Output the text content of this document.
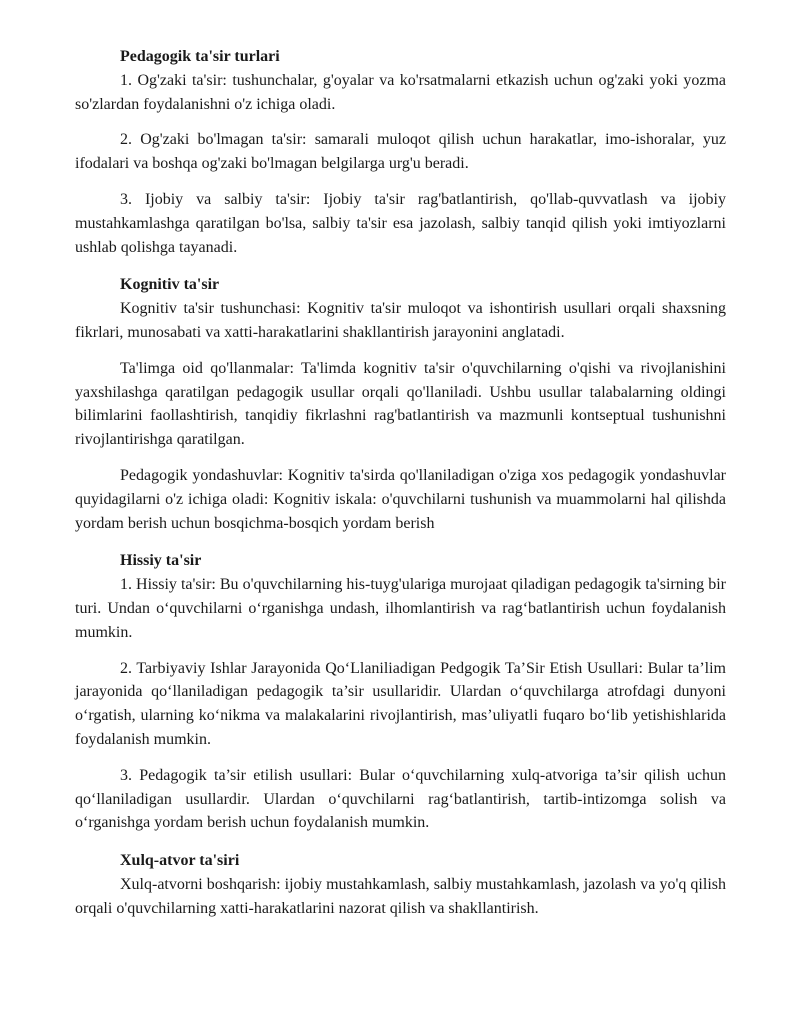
Pedagogik ta'sir turlari

1. Og'zaki ta'sir: tushunchalar, g'oyalar va ko'rsatmalarni etkazish uchun og'zaki yoki yozma so'zlardan foydalanishni o'z ichiga oladi.

2. Og'zaki bo'lmagan ta'sir: samarali muloqot qilish uchun harakatlar, imo-ishoralar, yuz ifodalari va boshqa og'zaki bo'lmagan belgilarga urg'u beradi.

3. Ijobiy va salbiy ta'sir: Ijobiy ta'sir rag'batlantirish, qo'llab-quvvatlash va ijobiy mustahkamlashga qaratilgan bo'lsa, salbiy ta'sir esa jazolash, salbiy tanqid qilish yoki imtiyozlarni ushlab qolishga tayanadi.

Kognitiv ta'sir

Kognitiv ta'sir tushunchasi: Kognitiv ta'sir muloqot va ishontirish usullari orqali shaxsning fikrlari, munosabati va xatti-harakatlarini shakllantirish jarayonini anglatadi.

Ta'limga oid qo'llanmalar: Ta'limda kognitiv ta'sir o'quvchilarning o'qishi va rivojlanishini yaxshilashga qaratilgan pedagogik usullar orqali qo'llaniladi. Ushbu usullar talabalarning oldingi bilimlarini faollashtirish, tanqidiy fikrlashni rag'batlantirish va mazmunli kontseptual tushunishni rivojlantirishga qaratilgan.

Pedagogik yondashuvlar: Kognitiv ta'sirda qo'llaniladigan o'ziga xos pedagogik yondashuvlar quyidagilarni o'z ichiga oladi: Kognitiv iskala: o'quvchilarni tushunish va muammolarni hal qilishda yordam berish uchun bosqichma-bosqich yordam berish

Hissiy ta'sir

1. Hissiy ta'sir: Bu o'quvchilarning his-tuyg'ulariga murojaat qiladigan pedagogik ta'sirning bir turi. Undan o‘quvchilarni o‘rganishga undash, ilhomlantirish va rag‘batlantirish uchun foydalanish mumkin.

2. Tarbiyaviy Ishlar Jarayonida Qo‘Llaniliadigan Pedgogik Ta’Sir Etish Usullari: Bular ta’lim jarayonida qo‘llaniladigan pedagogik ta’sir usullaridir. Ulardan o‘quvchilarga atrofdagi dunyoni o‘rgatish, ularning ko‘nikma va malakalarini rivojlantirish, mas’uliyatli fuqaro bo‘lib yetishishlarida foydalanish mumkin.

3. Pedagogik ta’sir etilish usullari: Bular o‘quvchilarning xulq-atvoriga ta’sir qilish uchun qo‘llaniladigan usullardir. Ulardan o‘quvchilarni rag‘batlantirish, tartib-intizomga solish va o‘rganishga yordam berish uchun foydalanish mumkin.

Xulq-atvor ta'siri

Xulq-atvorni boshqarish: ijobiy mustahkamlash, salbiy mustahkamlash, jazolash va yo'q qilish orqali o'quvchilarning xatti-harakatlarini nazorat qilish va shakllantirish.
